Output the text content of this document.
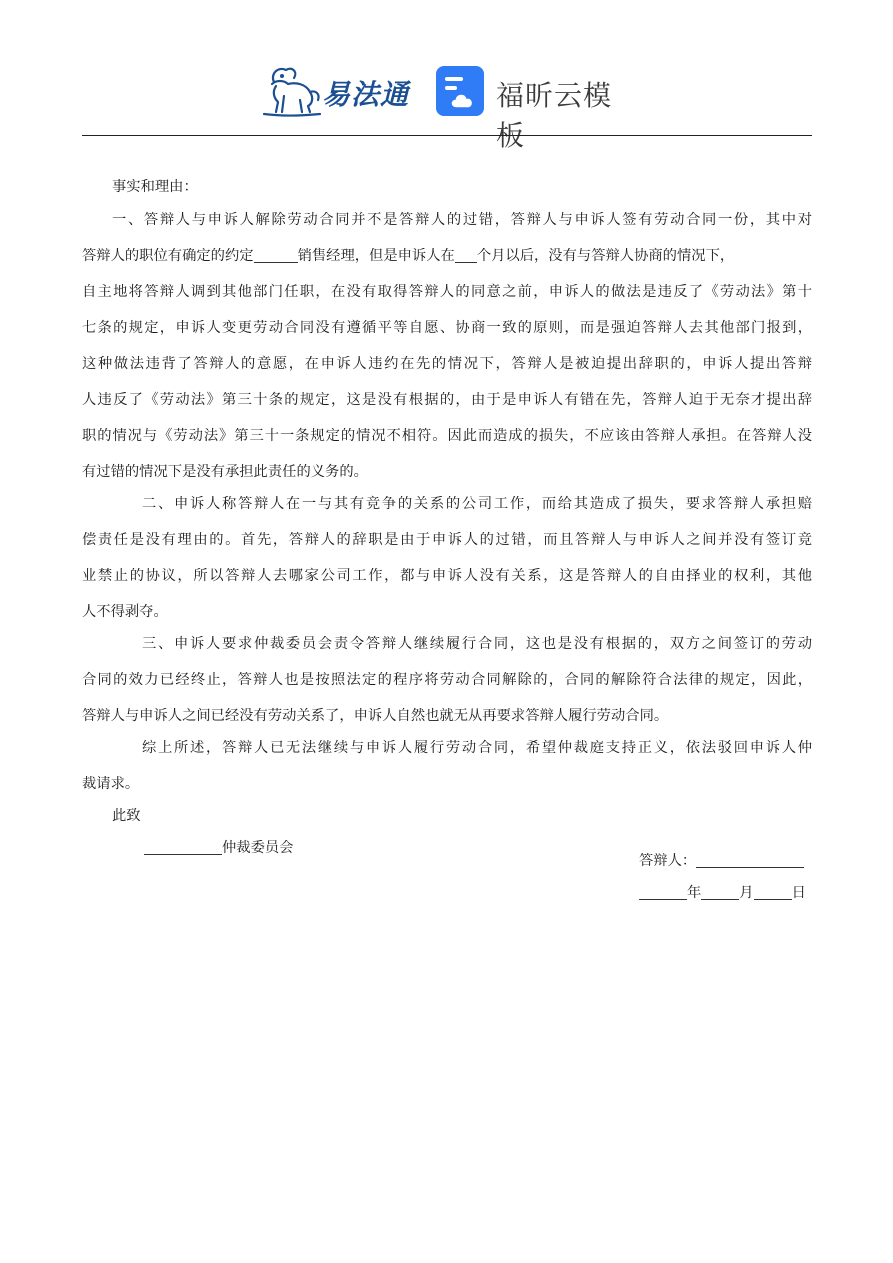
易法通	福昕云模板
事实和理由：
一、答辩人与申诉人解除劳动合同并不是答辩人的过错，答辩人与申诉人签有劳动合同一份，其中对
答辩人的职位有确定的约定	销售经理，但是申诉人在 个月以后，没有与答辩人协商的情况下，
自主地将答辩人调到其他部门任职，在没有取得答辩人的同意之前，申诉人的做法是违反了《劳动法》第十
七条的规定，申诉人变更劳动合同没有遵循平等自愿、协商一致的原则，而是强迫答辩人去其他部门报到，
这种做法违背了答辩人的意愿，在申诉人违约在先的情况下，答辩人是被迫提出辞职的，申诉人提出答辩
人违反了《劳动法》第三十条的规定，这是没有根据的，由于是申诉人有错在先，答辩人迫于无奈才提出辞
职的情况与《劳动法》第三十一条规定的情况不相符。因此而造成的损失，不应该由答辩人承担。在答辩人没
有过错的情况下是没有承担此责任的义务的。
二、申诉人称答辩人在一与其有竞争的关系的公司工作，而给其造成了损失，要求答辩人承担赔
偿责任是没有理由的。首先，答辩人的辞职是由于申诉人的过错，而且答辩人与申诉人之间并没有签订竞
业禁止的协议，所以答辩人去哪家公司工作，都与申诉人没有关系，这是答辩人的自由择业的权利，其他
人不得剥夺。
三、申诉人要求仲裁委员会责令答辩人继续履行合同，这也是没有根据的，双方之间签订的劳动
合同的效力已经终止，答辩人也是按照法定的程序将劳动合同解除的，合同的解除符合法律的规定，因此，
答辩人与申诉人之间已经没有劳动关系了，申诉人自然也就无从再要求答辩人履行劳动合同。
综上所述，答辩人已无法继续与申诉人履行劳动合同，希望仲裁庭支持正义，依法驳回申诉人仲
裁请求。
此致
仲裁委员会
答辩人：
年	月	日
